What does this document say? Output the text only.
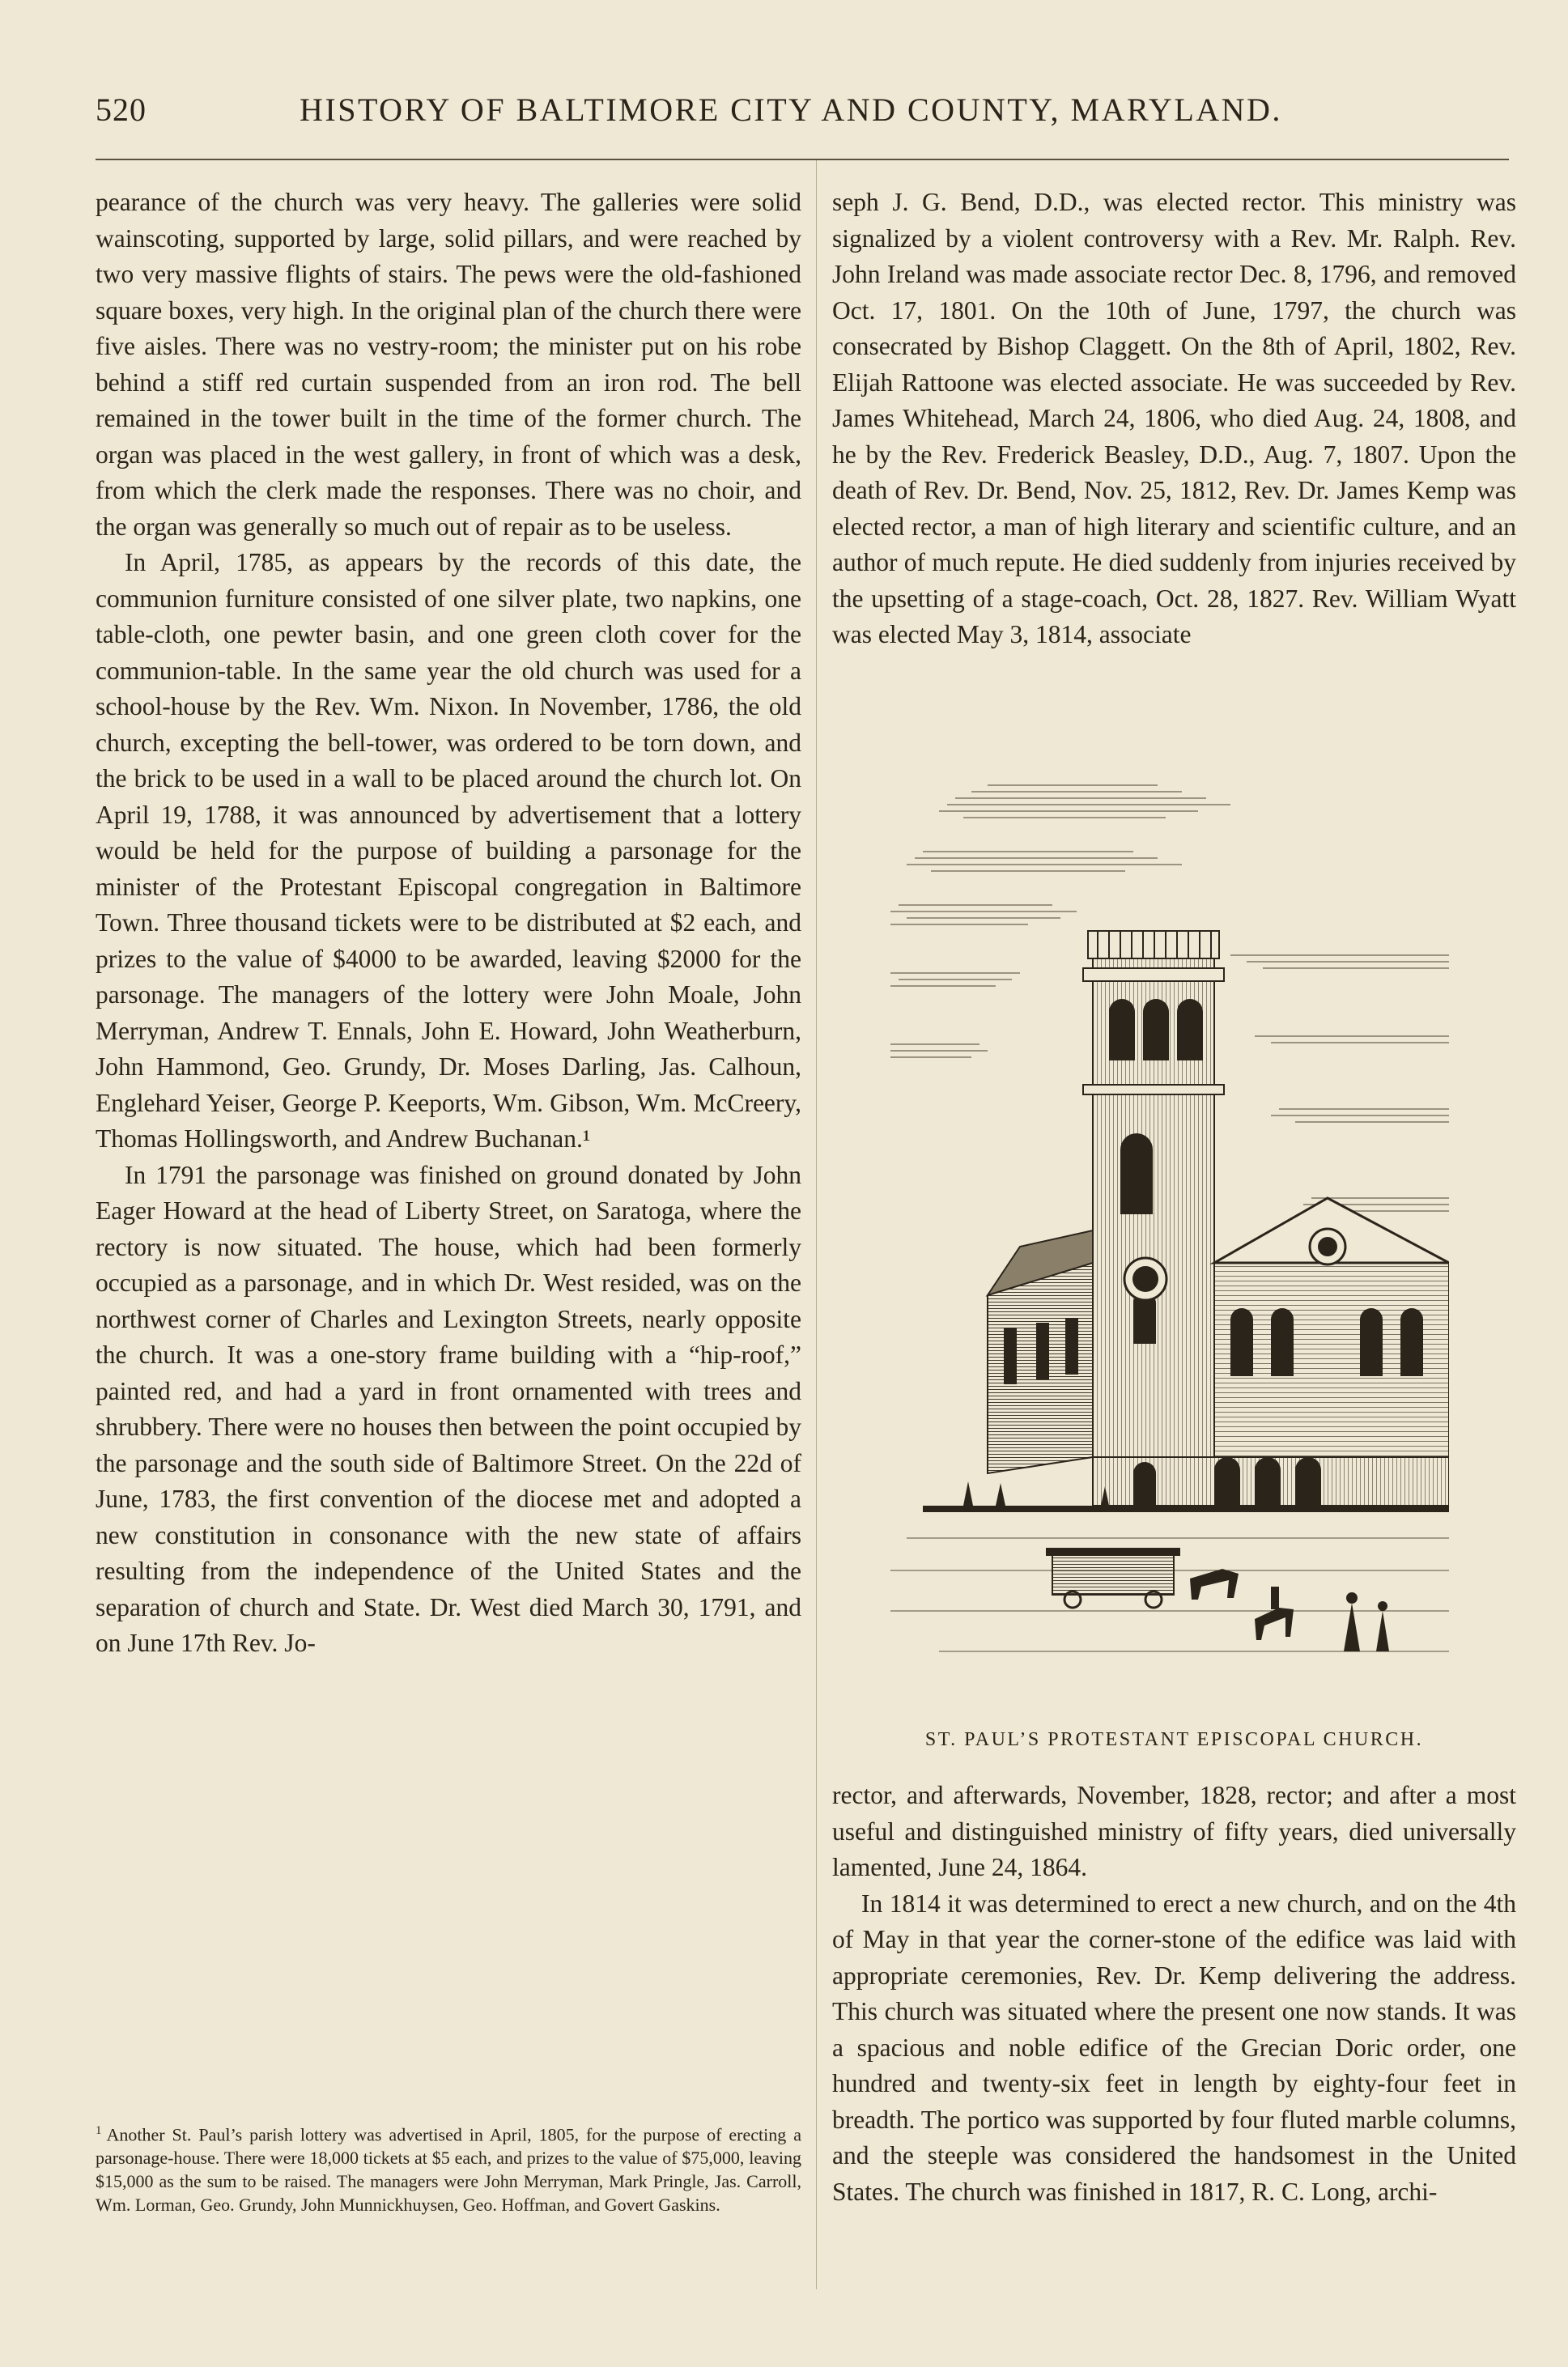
520	HISTORY OF BALTIMORE CITY AND COUNTY, MARYLAND.

pearance of the church was very heavy. The galleries were solid wainscoting, supported by large, solid pillars, and were reached by two very massive flights of stairs. The pews were the old-fashioned square boxes, very high. In the original plan of the church there were five aisles. There was no vestry-room; the minister put on his robe behind a stiff red curtain suspended from an iron rod. The bell remained in the tower built in the time of the former church. The organ was placed in the west gallery, in front of which was a desk, from which the clerk made the responses. There was no choir, and the organ was generally so much out of repair as to be useless.

In April, 1785, as appears by the records of this date, the communion furniture consisted of one silver plate, two napkins, one table-cloth, one pewter basin, and one green cloth cover for the communion-table. In the same year the old church was used for a school-house by the Rev. Wm. Nixon. In November, 1786, the old church, excepting the bell-tower, was ordered to be torn down, and the brick to be used in a wall to be placed around the church lot. On April 19, 1788, it was announced by advertisement that a lottery would be held for the purpose of building a parsonage for the minister of the Protestant Episcopal congregation in Baltimore Town. Three thousand tickets were to be distributed at $2 each, and prizes to the value of $4000 to be awarded, leaving $2000 for the parsonage. The managers of the lottery were John Moale, John Merryman, Andrew T. Ennals, John E. Howard, John Weatherburn, John Hammond, Geo. Grundy, Dr. Moses Darling, Jas. Calhoun, Englehard Yeiser, George P. Keeports, Wm. Gibson, Wm. McCreery, Thomas Hollingsworth, and Andrew Buchanan.¹

In 1791 the parsonage was finished on ground donated by John Eager Howard at the head of Liberty Street, on Saratoga, where the rectory is now situated. The house, which had been formerly occupied as a parsonage, and in which Dr. West resided, was on the northwest corner of Charles and Lexington Streets, nearly opposite the church. It was a one-story frame building with a “hip-roof,” painted red, and had a yard in front ornamented with trees and shrubbery. There were no houses then between the point occupied by the parsonage and the south side of Baltimore Street. On the 22d of June, 1783, the first convention of the diocese met and adopted a new constitution in consonance with the new state of affairs resulting from the independence of the United States and the separation of church and State. Dr. West died March 30, 1791, and on June 17th Rev. Jo-

seph J. G. Bend, D.D., was elected rector. This ministry was signalized by a violent controversy with a Rev. Mr. Ralph. Rev. John Ireland was made associate rector Dec. 8, 1796, and removed Oct. 17, 1801. On the 10th of June, 1797, the church was consecrated by Bishop Claggett. On the 8th of April, 1802, Rev. Elijah Rattoone was elected associate. He was succeeded by Rev. James Whitehead, March 24, 1806, who died Aug. 24, 1808, and he by the Rev. Frederick Beasley, D.D., Aug. 7, 1807. Upon the death of Rev. Dr. Bend, Nov. 25, 1812, Rev. Dr. James Kemp was elected rector, a man of high literary and scientific culture, and an author of much repute. He died suddenly from injuries received by the upsetting of a stage-coach, Oct. 28, 1827. Rev. William Wyatt was elected May 3, 1814, associate

ST. PAUL’S PROTESTANT EPISCOPAL CHURCH.

rector, and afterwards, November, 1828, rector; and after a most useful and distinguished ministry of fifty years, died universally lamented, June 24, 1864.

In 1814 it was determined to erect a new church, and on the 4th of May in that year the corner-stone of the edifice was laid with appropriate ceremonies, Rev. Dr. Kemp delivering the address. This church was situated where the present one now stands. It was a spacious and noble edifice of the Grecian Doric order, one hundred and twenty-six feet in length by eighty-four feet in breadth. The portico was supported by four fluted marble columns, and the steeple was considered the handsomest in the United States. The church was finished in 1817, R. C. Long, archi-

$^1$ Another St. Paul’s parish lottery was advertised in April, 1805, for the purpose of erecting a parsonage-house. There were 18,000 tickets at $5 each, and prizes to the value of $75,000, leaving $15,000 as the sum to be raised. The managers were John Merryman, Mark Pringle, Jas. Carroll, Wm. Lorman, Geo. Grundy, John Munnickhuysen, Geo. Hoffman, and Govert Gaskins.
